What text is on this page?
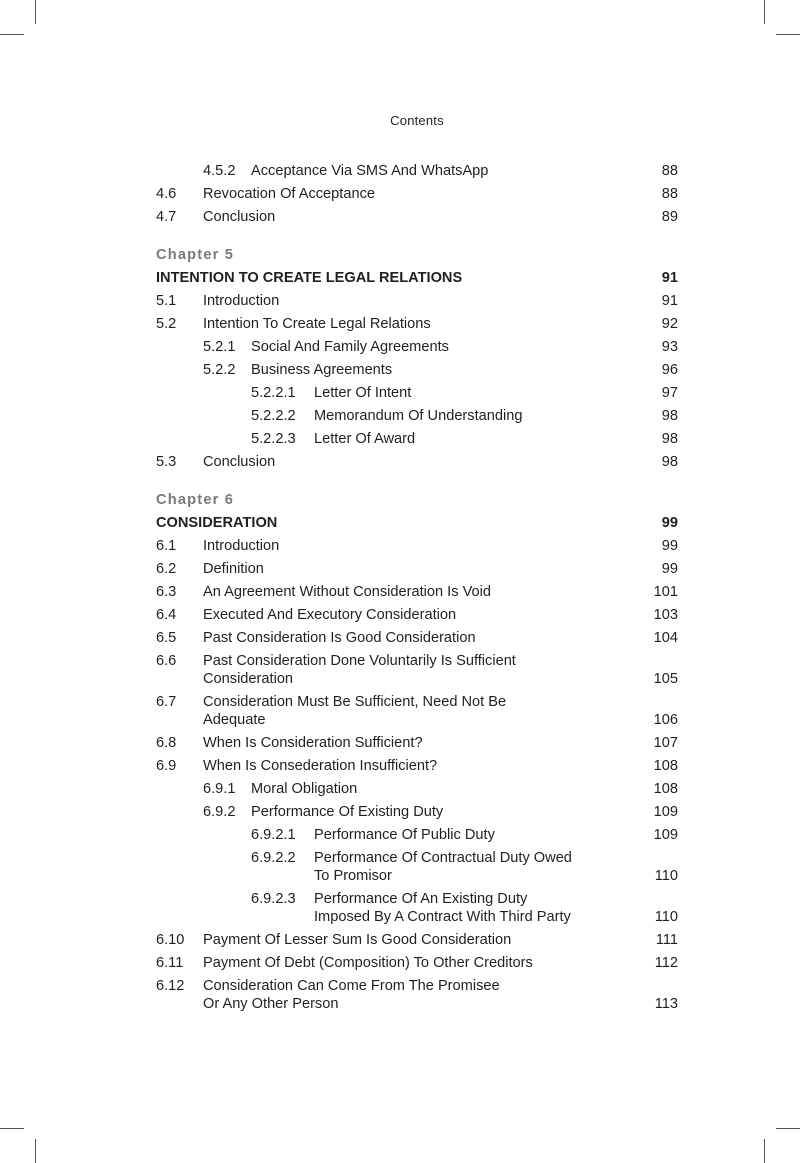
Contents
4.5.2 Acceptance Via SMS And WhatsApp	88
4.6 Revocation Of Acceptance	88
4.7 Conclusion	89
Chapter 5
INTENTION TO CREATE LEGAL RELATIONS	91
5.1 Introduction	91
5.2 Intention To Create Legal Relations	92
5.2.1 Social And Family Agreements	93
5.2.2 Business Agreements	96
5.2.2.1 Letter Of Intent	97
5.2.2.2 Memorandum Of Understanding	98
5.2.2.3 Letter Of Award	98
5.3 Conclusion	98
Chapter 6
CONSIDERATION	99
6.1 Introduction	99
6.2 Definition	99
6.3 An Agreement Without Consideration Is Void	101
6.4 Executed And Executory Consideration	103
6.5 Past Consideration Is Good Consideration	104
6.6 Past Consideration Done Voluntarily Is Sufficient
Consideration	105
6.7 Consideration Must Be Sufficient, Need Not Be
Adequate	106
6.8 When Is Consideration Sufficient?	107
6.9 When Is Consederation Insufficient?	108
6.9.1 Moral Obligation	108
6.9.2 Performance Of Existing Duty	109
6.9.2.1 Performance Of Public Duty	109
6.9.2.2 Performance Of Contractual Duty Owed
To Promisor	110
6.9.2.3 Performance Of An Existing Duty
Imposed By A Contract With Third Party	110
6.10 Payment Of Lesser Sum Is Good Consideration	111
6.11 Payment Of Debt (Composition) To Other Creditors	112
6.12 Consideration Can Come From The Promisee
Or Any Other Person	113
